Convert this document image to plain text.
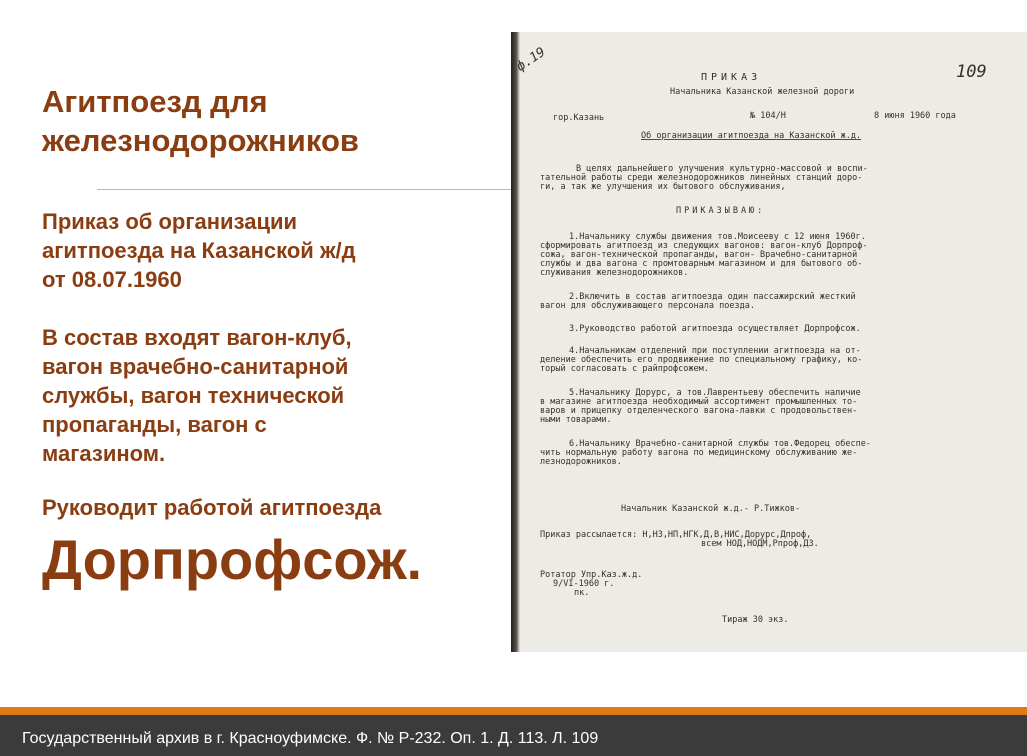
Агитпоезд для
железнодорожников

Приказ об организации
агитпоезда на Казанской ж/д
от 08.07.1960

В состав входят вагон-клуб,
вагон врачебно-санитарной
службы, вагон технической
пропаганды, вагон с
магазином.

Руководит работой агитпоезда

Дорпрофсож.

ф.19	109
ПРИКАЗ
Начальника Казанской железной дороги
гор.Казань	№ 104/Н	8 июня 1960 года
Об организации агитпоезда на Казанской ж.д.
В целях дальнейшего улучшения культурно-массовой и воспи-
тательной работы среди железнодорожников линейных станций доро-
ги, а так же улучшения их бытового обслуживания,
ПРИКАЗЫВАЮ:
1.Начальнику службы движения тов.Моисееву с 12 июня 1960г.
сформировать агитпоезд из следующих вагонов: вагон-клуб Дорпроф-
сожа, вагон-технической пропаганды, вагон- Врачебно-санитарной
службы и два вагона с промтоварным магазином и для бытового об-
служивания железнодорожников.
2.Включить в состав агитпоезда один пассажирский жесткий
вагон для обслуживающего персонала поезда.
3.Руководство работой агитпоезда осуществляет Дорпрофсож.
4.Начальникам отделений при поступлении агитпоезда на от-
деление обеспечить его продвижение по специальному графику, ко-
торый согласовать с райпрофсожем.
5.Начальнику Дорурс, а тов.Лаврентьеву обеспечить наличие
в магазине агитпоезда необходимый ассортимент промышленных то-
варов и прицепку отделенческого вагона-лавки с продовольствен-
ными товарами.
6.Начальнику Врачебно-санитарной службы тов.Федорец обеспе-
чить нормальную работу вагона по медицинскому обслуживанию же-
лезнодорожников.
Начальник Казанской ж.д.- Р.Тижков-
Приказ рассылается: Н,НЗ,НП,НГК,Д,В,НИС,Дорурс,Дпроф,
всем НОД,НОДМ,Рпроф,ДЗ.
Ротатор Упр.Каз.ж.д.
9/VI-1960 г.
пк.
Тираж 30 экз.
Государственный архив в г. Красноуфимске. Ф. № Р-232. Оп. 1. Д. 113. Л. 109
